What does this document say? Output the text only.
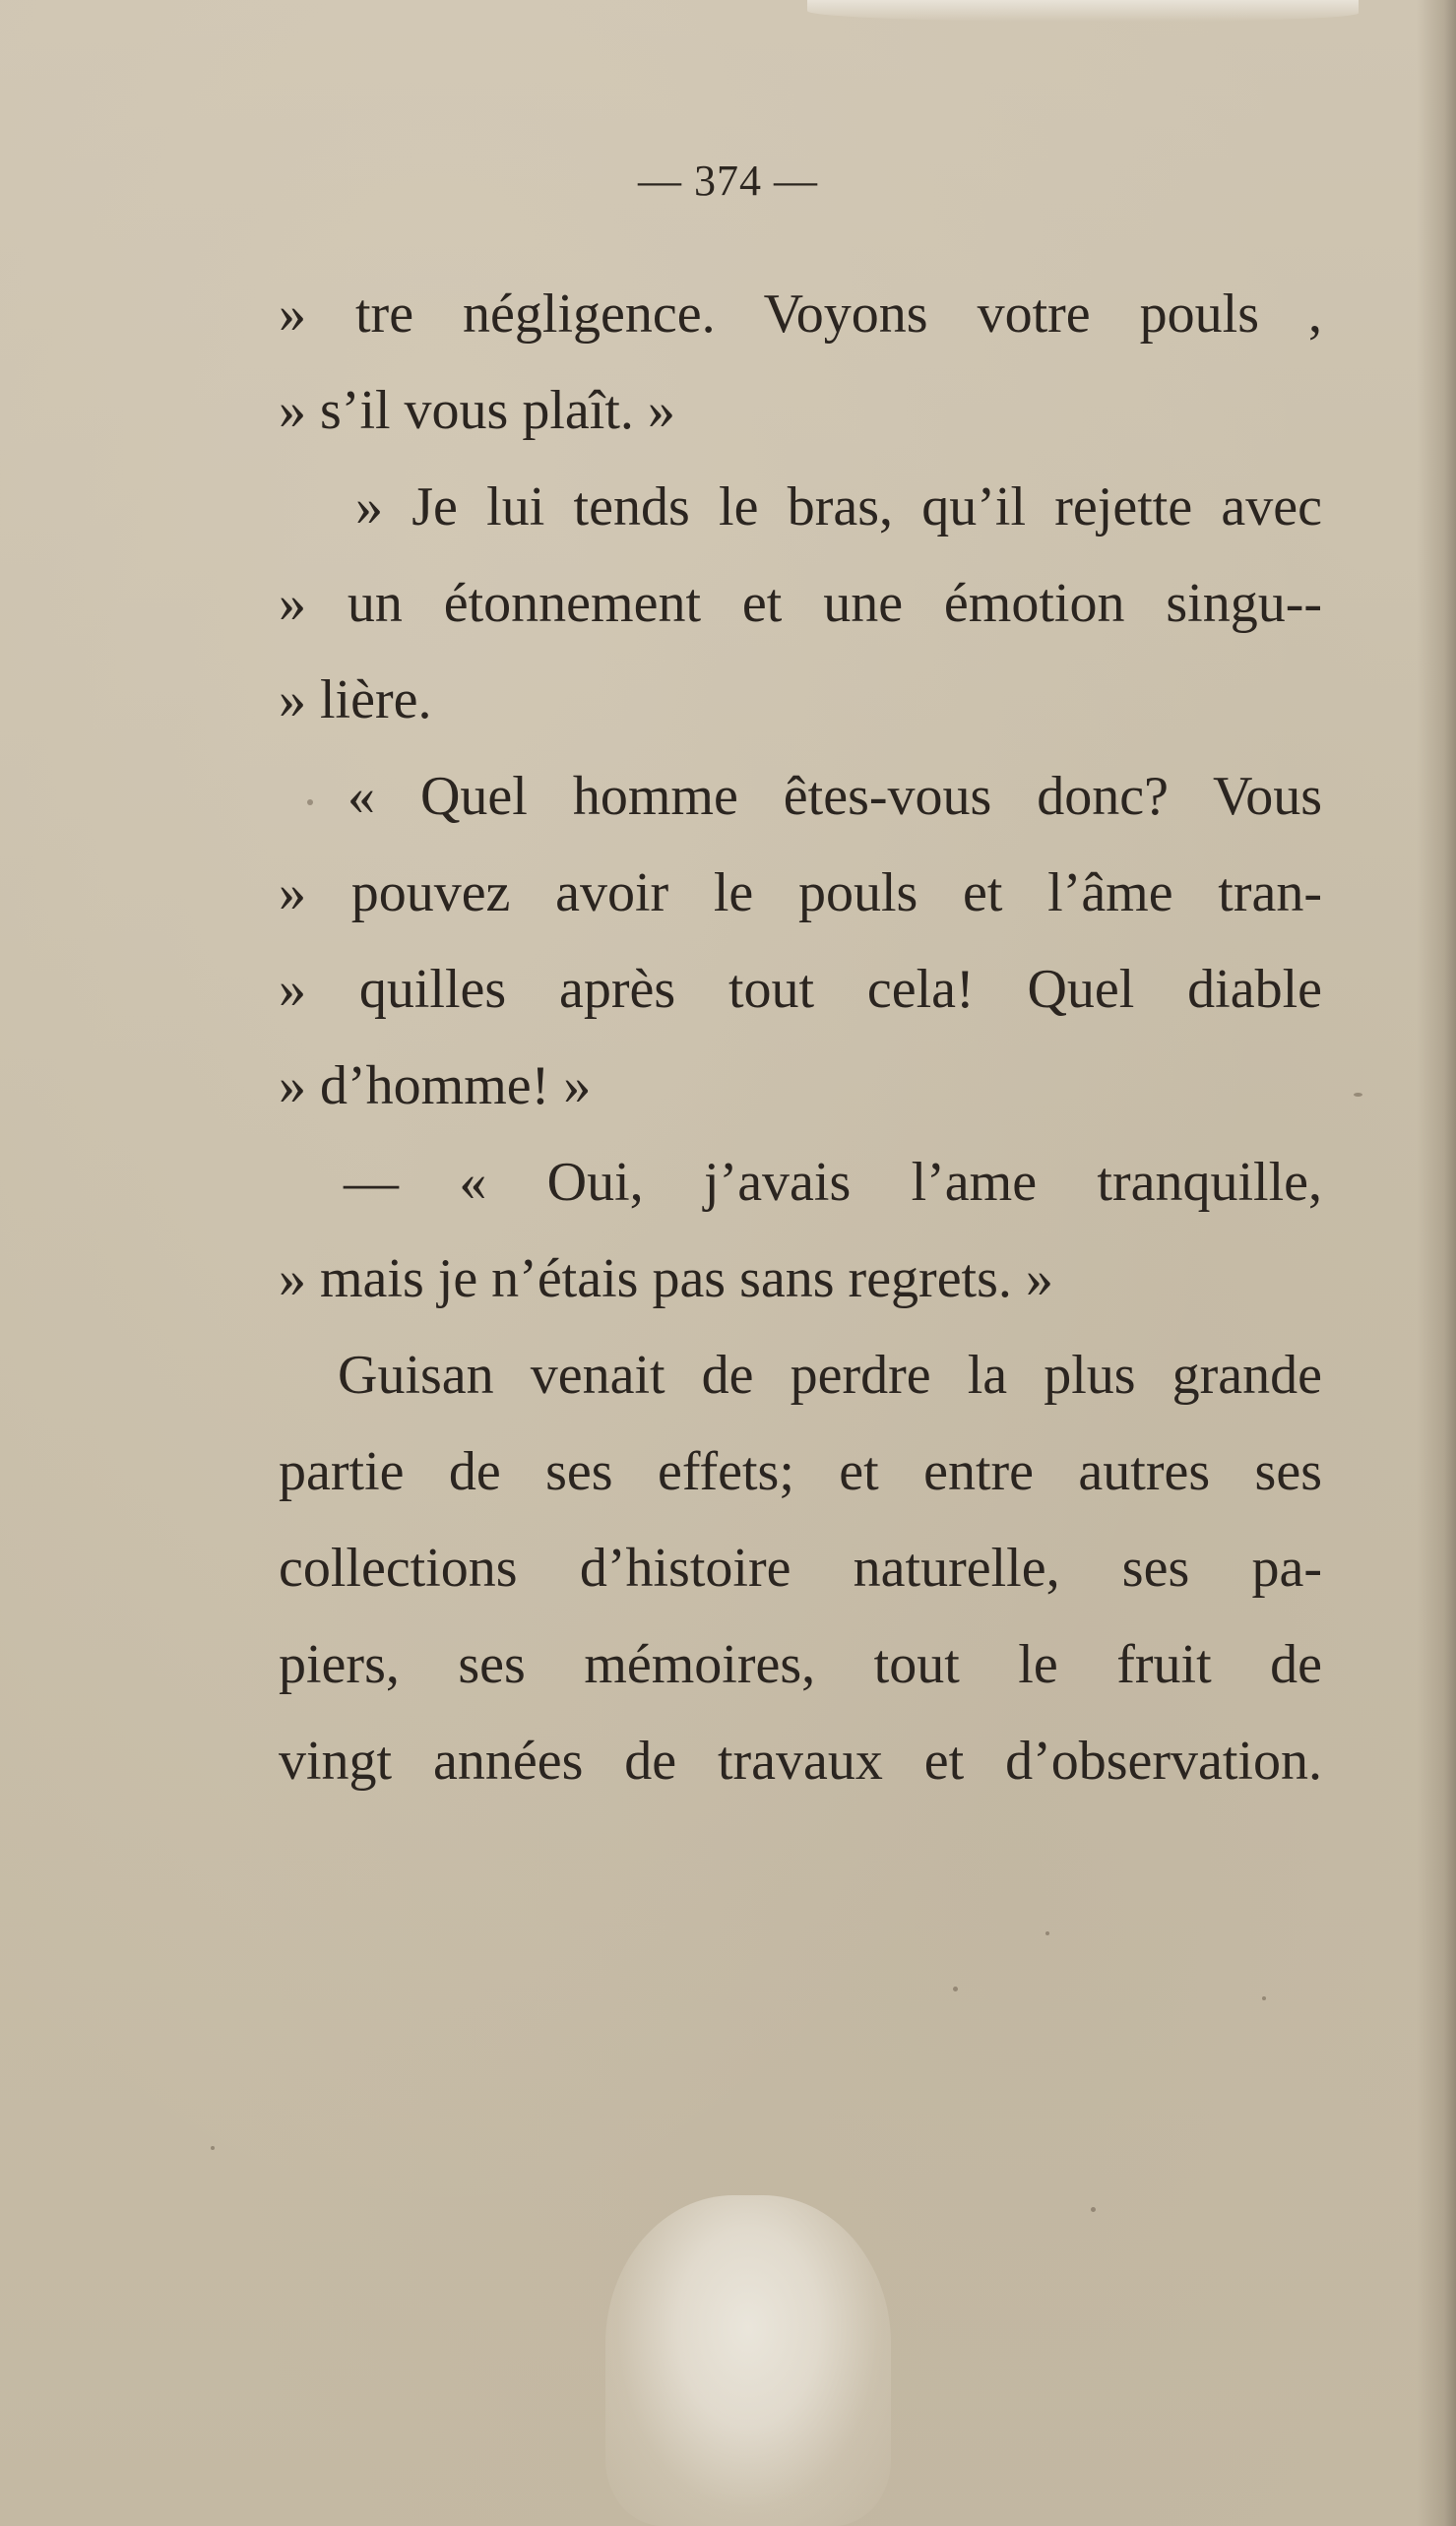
— 374 —
» tre négligence. Voyons votre pouls ,
» s’il vous plaît. »
» Je lui tends le bras, qu’il rejette avec
» un étonnement et une émotion singu--
» lière.
« Quel homme êtes-vous donc? Vous
» pouvez avoir le pouls et l’âme tran-
» quilles après tout cela! Quel diable
» d’homme! »
— « Oui, j’avais l’ame tranquille,
» mais je n’étais pas sans regrets. »
Guisan venait de perdre la plus grande
partie de ses effets; et entre autres ses
collections d’histoire naturelle, ses pa-
piers, ses mémoires, tout le fruit de
vingt années de travaux et d’observation.
